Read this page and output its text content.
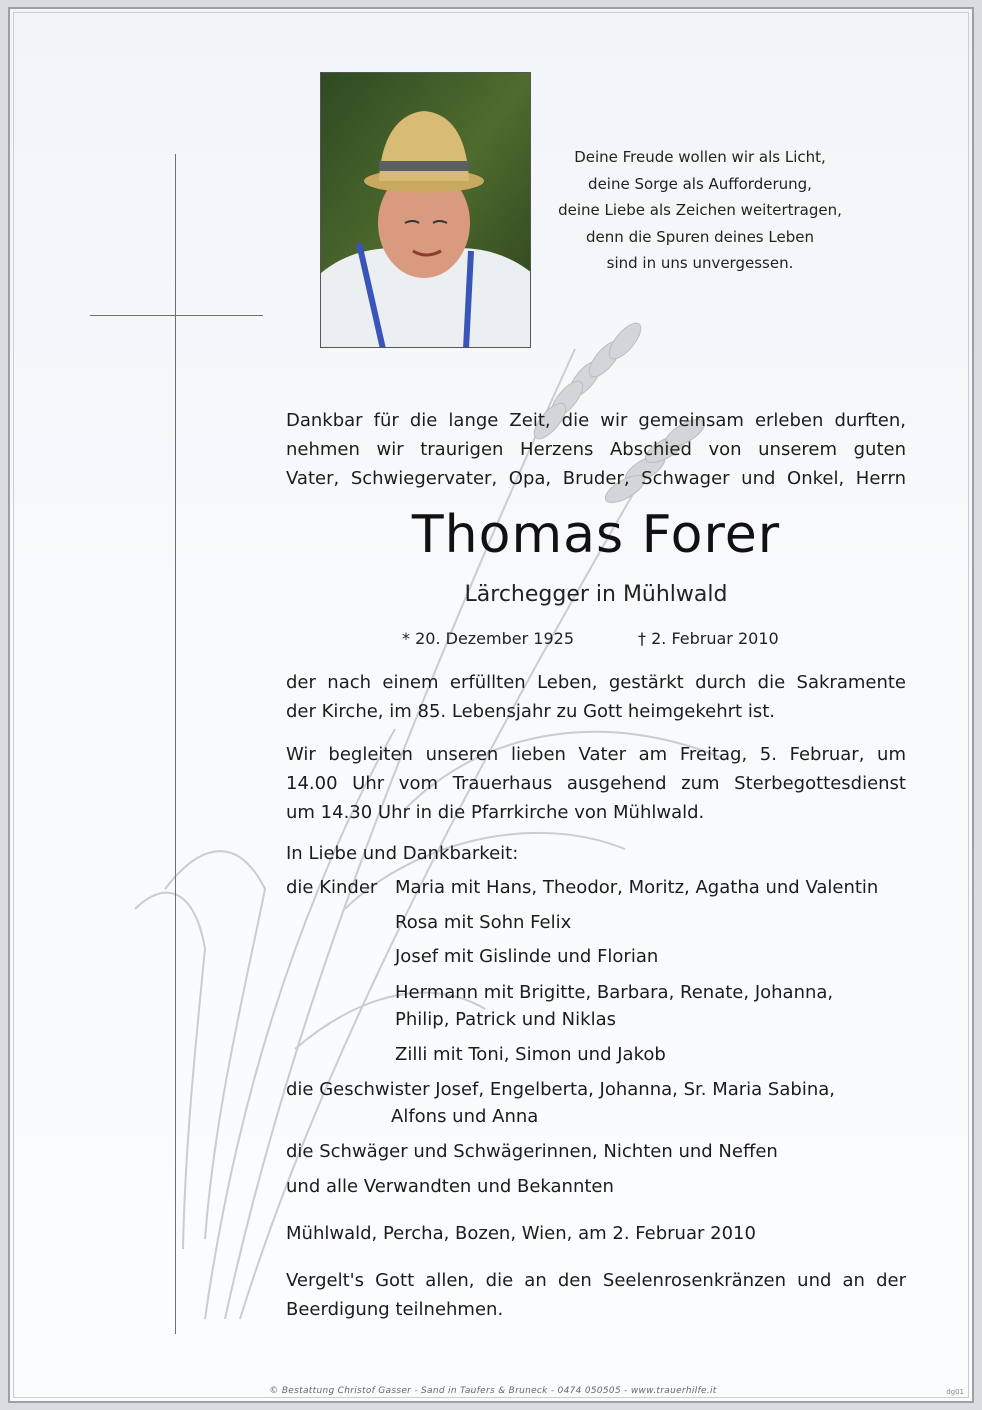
Deine Freude wollen wir als Licht,
deine Sorge als Aufforderung,
deine Liebe als Zeichen weitertragen,
denn die Spuren deines Leben
sind in uns unvergessen.
Dankbar für die lange Zeit, die wir gemeinsam erleben durften,
nehmen wir traurigen Herzens Abschied von unserem guten
Vater, Schwiegervater, Opa, Bruder, Schwager und Onkel, Herrn
Thomas Forer
Lärchegger in Mühlwald
* 20. Dezember 1925	† 2. Februar 2010
der nach einem erfüllten Leben, gestärkt durch die Sakramente
der Kirche, im 85. Lebensjahr zu Gott heimgekehrt ist.
Wir begleiten unseren lieben Vater am Freitag, 5. Februar, um
14.00 Uhr vom Trauerhaus ausgehend zum Sterbegottesdienst
um 14.30 Uhr in die Pfarrkirche von Mühlwald.
In Liebe und Dankbarkeit:
die Kinder Maria mit Hans, Theodor, Moritz, Agatha und Valentin
Rosa mit Sohn Felix
Josef mit Gislinde und Florian
Hermann mit Brigitte, Barbara, Renate, Johanna,
Philip, Patrick und Niklas
Zilli mit Toni, Simon und Jakob
die Geschwister Josef, Engelberta, Johanna, Sr. Maria Sabina,
Alfons und Anna
die Schwäger und Schwägerinnen, Nichten und Neffen
und alle Verwandten und Bekannten
Mühlwald, Percha, Bozen, Wien, am 2. Februar 2010
Vergelt's Gott allen, die an den Seelenrosenkränzen und an der
Beerdigung teilnehmen.
© Bestattung Christof Gasser - Sand in Taufers & Bruneck - 0474 050505 - www.trauerhilfe.it	dg01
